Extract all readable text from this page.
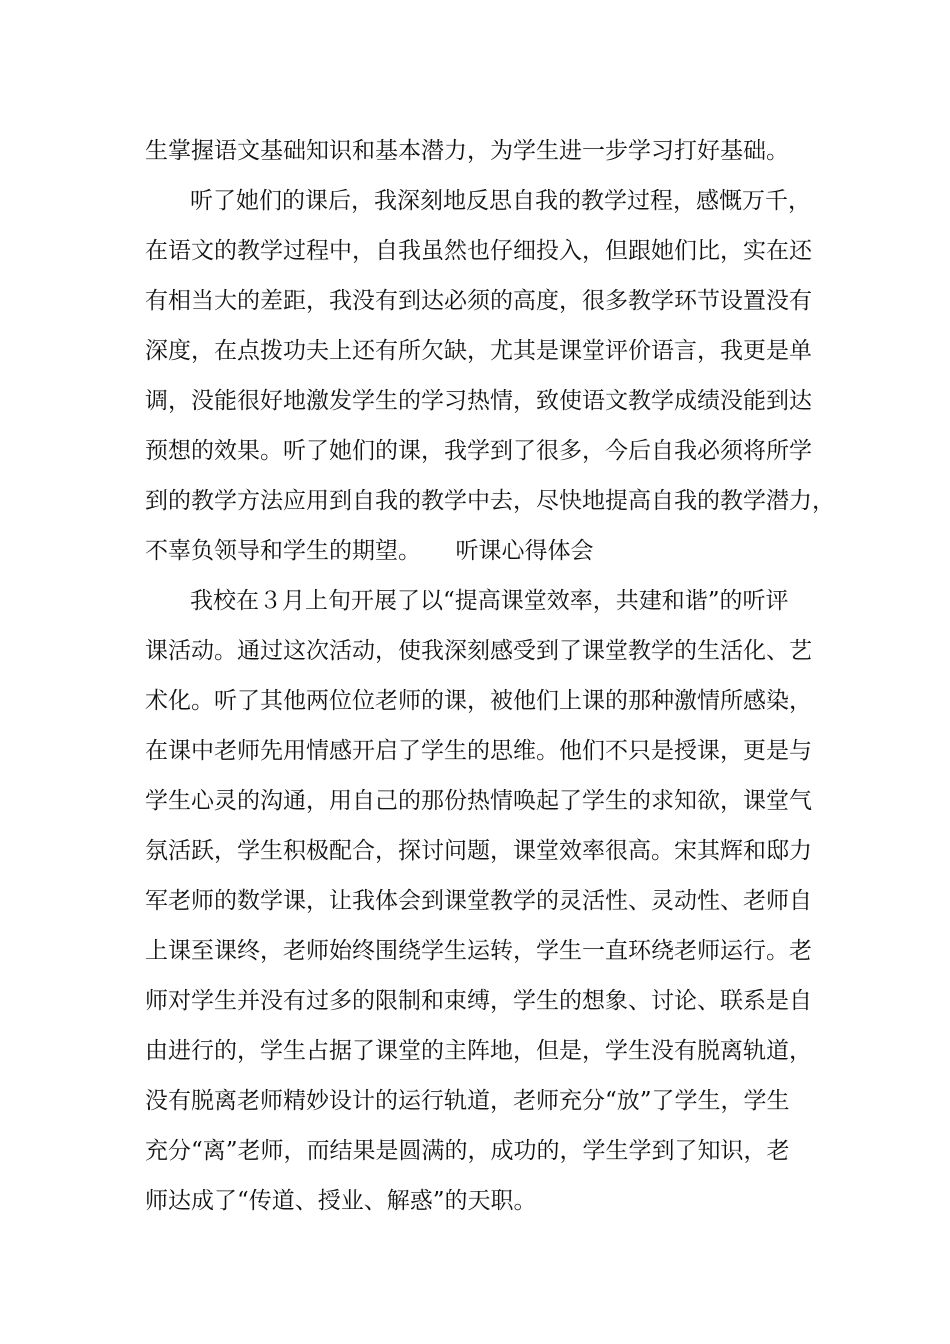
生掌握语文基础知识和基本潜力，为学生进一步学习打好基础。
听了她们的课后，我深刻地反思自我的教学过程，感慨万千，
在语文的教学过程中，自我虽然也仔细投入，但跟她们比，实在还
有相当大的差距，我没有到达必须的高度，很多教学环节设置没有
深度，在点拨功夫上还有所欠缺，尤其是课堂评价语言，我更是单
调，没能很好地激发学生的学习热情，致使语文教学成绩没能到达
预想的效果。听了她们的课，我学到了很多，今后自我必须将所学
到的教学方法应用到自我的教学中去，尽快地提高自我的教学潜力，
不辜负领导和学生的期望。　　听课心得体会
我校在３月上旬开展了以“提高课堂效率，共建和谐”的听评
课活动。通过这次活动，使我深刻感受到了课堂教学的生活化、艺
术化。听了其他两位位老师的课，被他们上课的那种激情所感染，
在课中老师先用情感开启了学生的思维。他们不只是授课，更是与
学生心灵的沟通，用自己的那份热情唤起了学生的求知欲，课堂气
氛活跃，学生积极配合，探讨问题，课堂效率很高。宋其辉和邸力
军老师的数学课，让我体会到课堂教学的灵活性、灵动性、老师自
上课至课终，老师始终围绕学生运转，学生一直环绕老师运行。老
师对学生并没有过多的限制和束缚，学生的想象、讨论、联系是自
由进行的，学生占据了课堂的主阵地，但是，学生没有脱离轨道，
没有脱离老师精妙设计的运行轨道，老师充分“放”了学生，学生
充分“离”老师，而结果是圆满的，成功的，学生学到了知识，老
师达成了“传道、授业、解惑”的天职。
